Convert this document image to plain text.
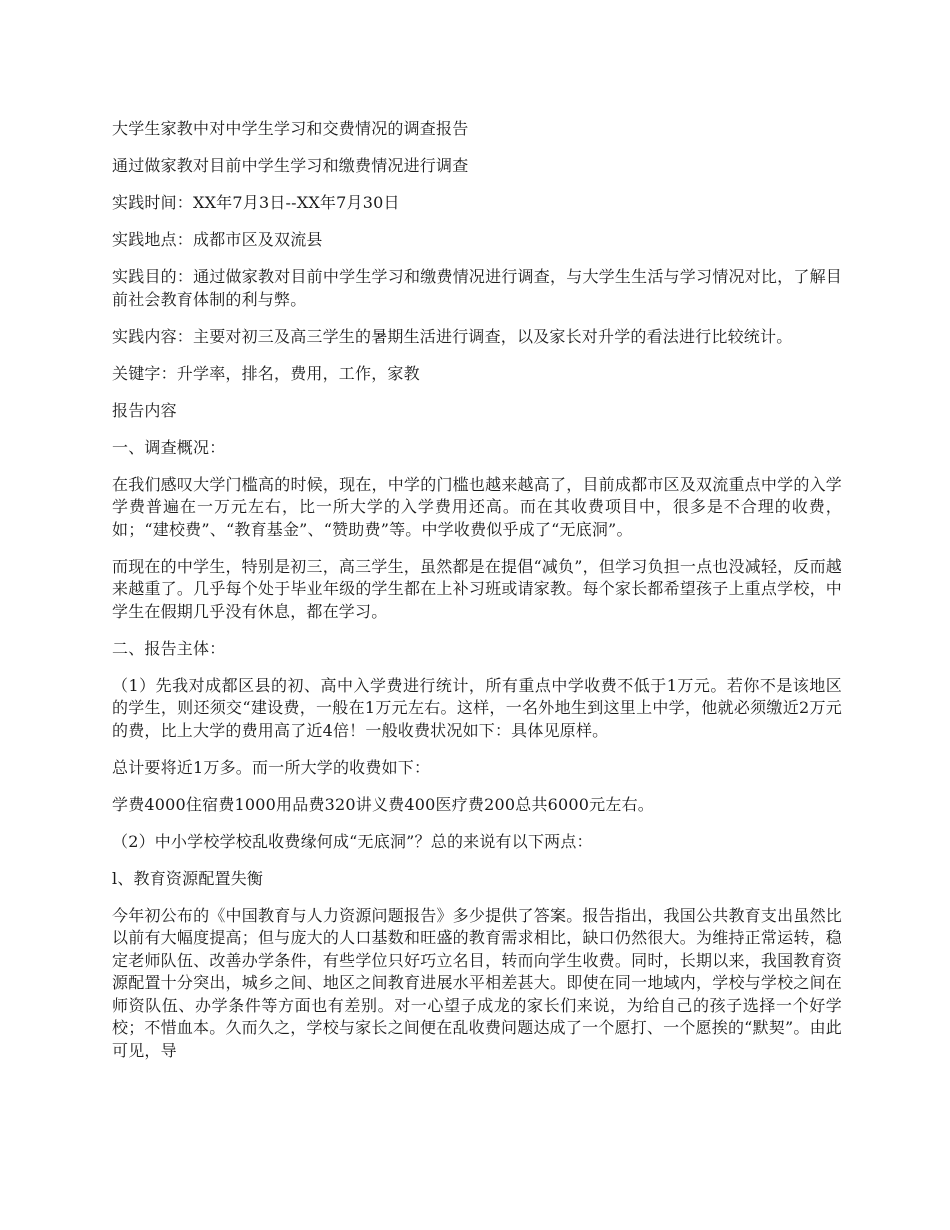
大学生家教中对中学生学习和交费情况的调查报告

通过做家教对目前中学生学习和缴费情况进行调查

实践时间：XX年7月3日--XX年7月30日

实践地点：成都市区及双流县

实践目的：通过做家教对目前中学生学习和缴费情况进行调查，与大学生生活与学习情况对比，了解目前社会教育体制的利与弊。

实践内容：主要对初三及高三学生的暑期生活进行调查，以及家长对升学的看法进行比较统计。

关键字：升学率，排名，费用，工作，家教

报告内容

一、调查概况：

在我们感叹大学门槛高的时候，现在，中学的门槛也越来越高了，目前成都市区及双流重点中学的入学学费普遍在一万元左右，比一所大学的入学费用还高。而在其收费项目中，很多是不合理的收费，如；“建校费”、“教育基金”、“赞助费”等。中学收费似乎成了“无底洞”。

而现在的中学生，特别是初三，高三学生，虽然都是在提倡“减负”，但学习负担一点也没减轻，反而越来越重了。几乎每个处于毕业年级的学生都在上补习班或请家教。每个家长都希望孩子上重点学校，中学生在假期几乎没有休息，都在学习。

二、报告主体：

（1）先我对成都区县的初、高中入学费进行统计，所有重点中学收费不低于1万元。若你不是该地区的学生，则还须交“建设费，一般在1万元左右。这样，一名外地生到这里上中学，他就必须缴近2万元的费，比上大学的费用高了近4倍！一般收费状况如下：具体见原样。

总计要将近1万多。而一所大学的收费如下：

学费4000住宿费1000用品费320讲义费400医疗费200总共6000元左右。

（2）中小学校学校乱收费缘何成“无底洞”？总的来说有以下两点：

l、教育资源配置失衡

今年初公布的《中国教育与人力资源问题报告》多少提供了答案。报告指出，我国公共教育支出虽然比以前有大幅度提高；但与庞大的人口基数和旺盛的教育需求相比，缺口仍然很大。为维持正常运转，稳定老师队伍、改善办学条件，有些学位只好巧立名目，转而向学生收费。同时，长期以来，我国教育资源配置十分突出，城乡之间、地区之间教育进展水平相差甚大。即使在同一地域内，学校与学校之间在师资队伍、办学条件等方面也有差别。对一心望子成龙的家长们来说，为给自己的孩子选择一个好学校；不惜血本。久而久之，学校与家长之间便在乱收费问题达成了一个愿打、一个愿挨的“默契”。由此可见，导
